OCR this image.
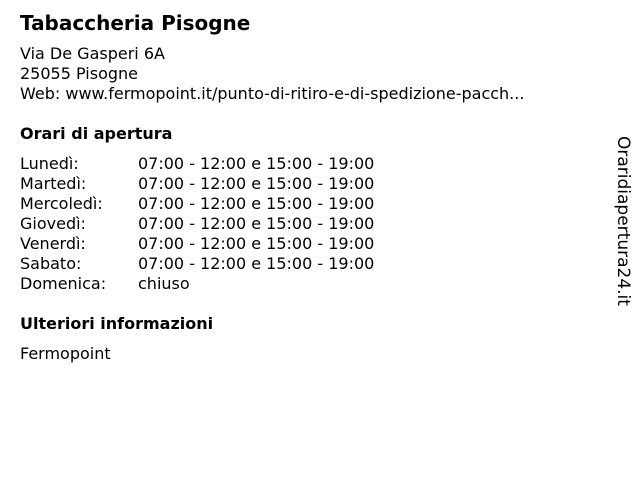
Tabaccheria Pisogne
Via De Gasperi 6A
25055 Pisogne
Web: www.fermopoint.it/punto-di-ritiro-e-di-spedizione-pacch...
Orari di apertura
Lunedì:	07:00 - 12:00 e 15:00 - 19:00
Martedì:	07:00 - 12:00 e 15:00 - 19:00
Mercoledì: 07:00 - 12:00 e 15:00 - 19:00
Giovedì:	07:00 - 12:00 e 15:00 - 19:00
Venerdì:	07:00 - 12:00 e 15:00 - 19:00
Sabato:	07:00 - 12:00 e 15:00 - 19:00
Domenica: chiuso
Ulteriori informazioni
Fermopoint
Oraridiapertura24.it
